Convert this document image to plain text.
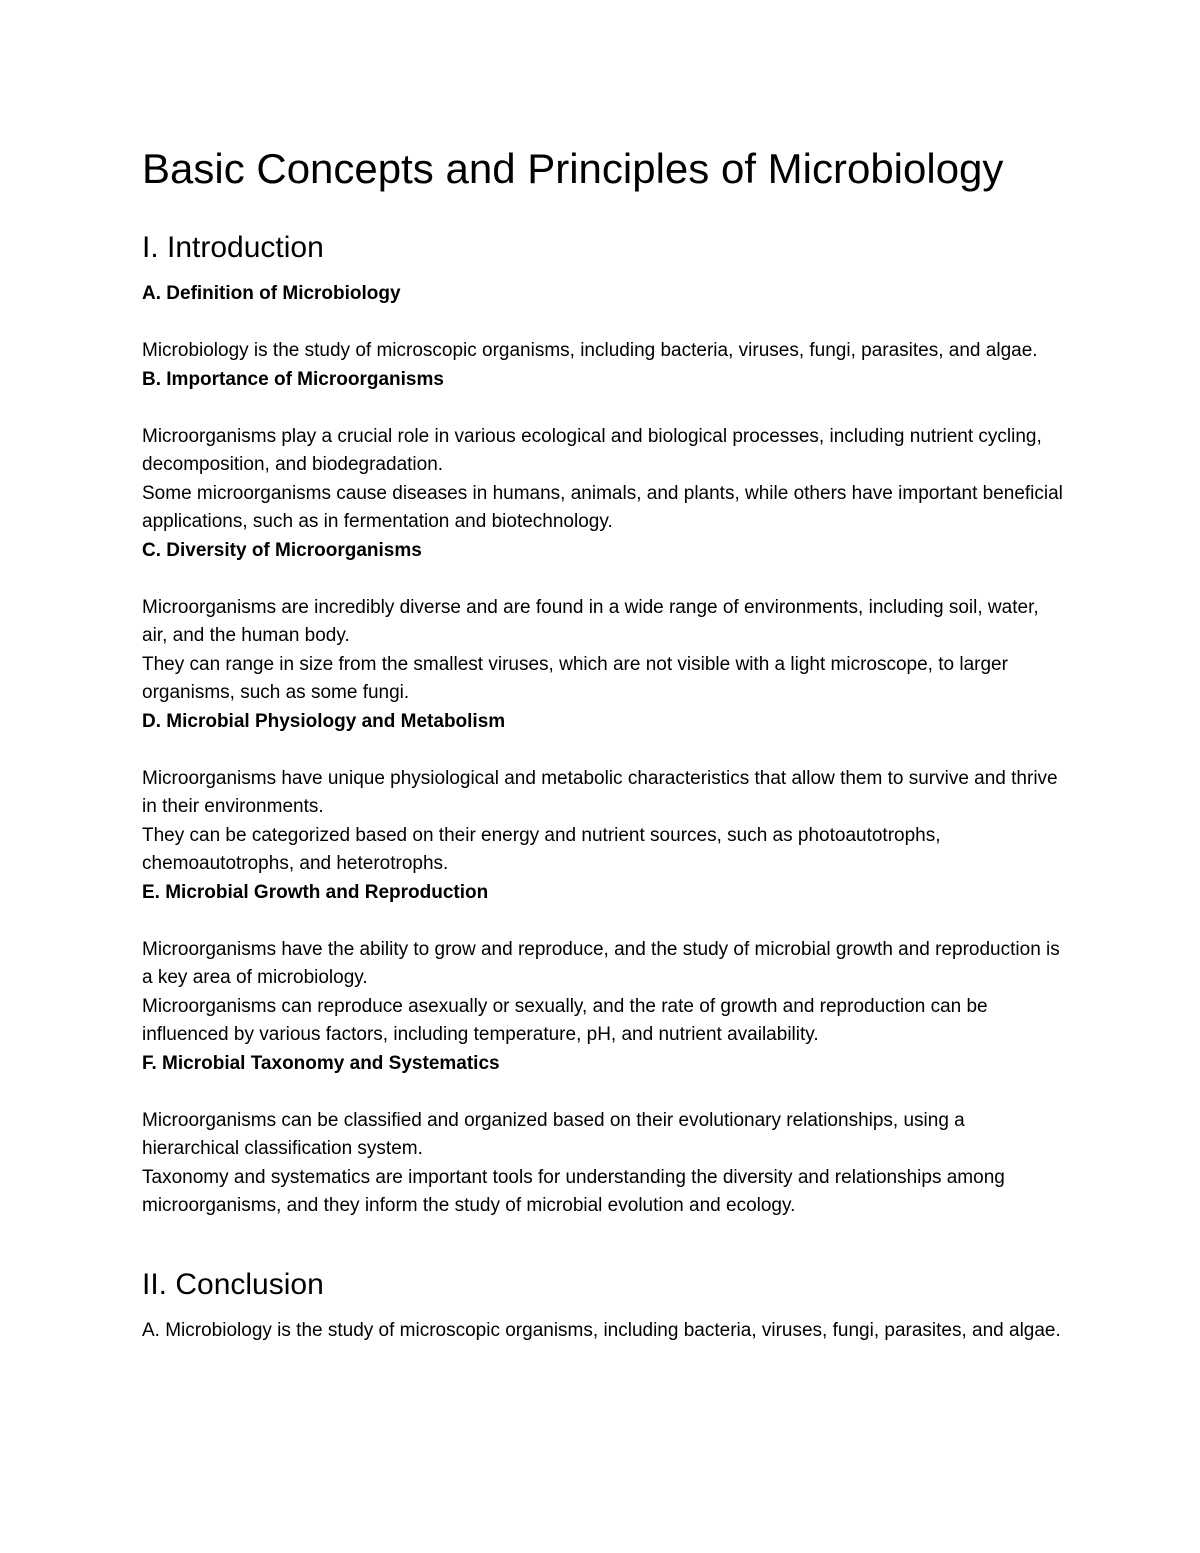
Basic Concepts and Principles of Microbiology
I. Introduction
A. Definition of Microbiology

Microbiology is the study of microscopic organisms, including bacteria, viruses, fungi, parasites, and algae.

B. Importance of Microorganisms

Microorganisms play a crucial role in various ecological and biological processes, including nutrient cycling, decomposition, and biodegradation.

Some microorganisms cause diseases in humans, animals, and plants, while others have important beneficial applications, such as in fermentation and biotechnology.

C. Diversity of Microorganisms

Microorganisms are incredibly diverse and are found in a wide range of environments, including soil, water, air, and the human body.

They can range in size from the smallest viruses, which are not visible with a light microscope, to larger organisms, such as some fungi.

D. Microbial Physiology and Metabolism

Microorganisms have unique physiological and metabolic characteristics that allow them to survive and thrive in their environments.

They can be categorized based on their energy and nutrient sources, such as photoautotrophs, chemoautotrophs, and heterotrophs.

E. Microbial Growth and Reproduction

Microorganisms have the ability to grow and reproduce, and the study of microbial growth and reproduction is a key area of microbiology.

Microorganisms can reproduce asexually or sexually, and the rate of growth and reproduction can be influenced by various factors, including temperature, pH, and nutrient availability.

F. Microbial Taxonomy and Systematics

Microorganisms can be classified and organized based on their evolutionary relationships, using a hierarchical classification system.

Taxonomy and systematics are important tools for understanding the diversity and relationships among microorganisms, and they inform the study of microbial evolution and ecology.

II. Conclusion

A. Microbiology is the study of microscopic organisms, including bacteria, viruses, fungi, parasites, and algae.
